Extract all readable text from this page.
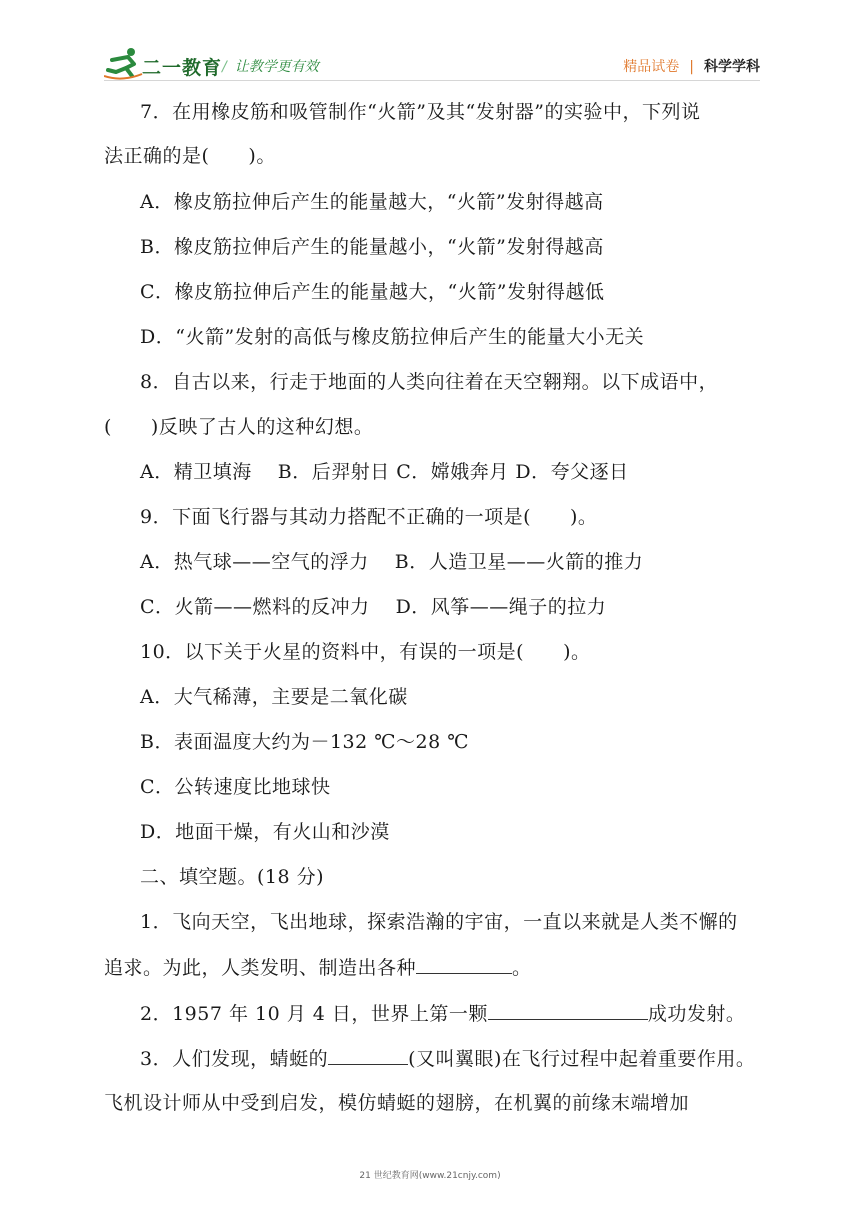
二一教育 / 让教学更有效	精品试卷 | 科学学科
7．在用橡皮筋和吸管制作“火箭”及其“发射器”的实验中，下列说
法正确的是(　　)。
A．橡皮筋拉伸后产生的能量越大，“火箭”发射得越高
B．橡皮筋拉伸后产生的能量越小，“火箭”发射得越高
C．橡皮筋拉伸后产生的能量越大，“火箭”发射得越低
D．“火箭”发射的高低与橡皮筋拉伸后产生的能量大小无关
8．自古以来，行走于地面的人类向往着在天空翱翔。以下成语中，
(　　)反映了古人的这种幻想。
A．精卫填海　 B．后羿射日 C．嫦娥奔月 D．夸父逐日
9．下面飞行器与其动力搭配不正确的一项是(　　)。
A．热气球——空气的浮力　 B．人造卫星——火箭的推力
C．火箭——燃料的反冲力　 D．风筝——绳子的拉力
10．以下关于火星的资料中，有误的一项是(　　)。
A．大气稀薄，主要是二氧化碳
B．表面温度大约为－132 ℃～28 ℃
C．公转速度比地球快
D．地面干燥，有火山和沙漠
二、填空题。(18 分)
1．飞向天空，飞出地球，探索浩瀚的宇宙，一直以来就是人类不懈的
追求。为此，人类发明、制造出各种	。
2．1957 年 10 月 4 日，世界上第一颗	成功发射。
3．人们发现，蜻蜓的	(又叫翼眼)在飞行过程中起着重要作用。
飞机设计师从中受到启发，模仿蜻蜓的翅膀，在机翼的前缘末端增加
21 世纪教育网(www.21cnjy.com)
